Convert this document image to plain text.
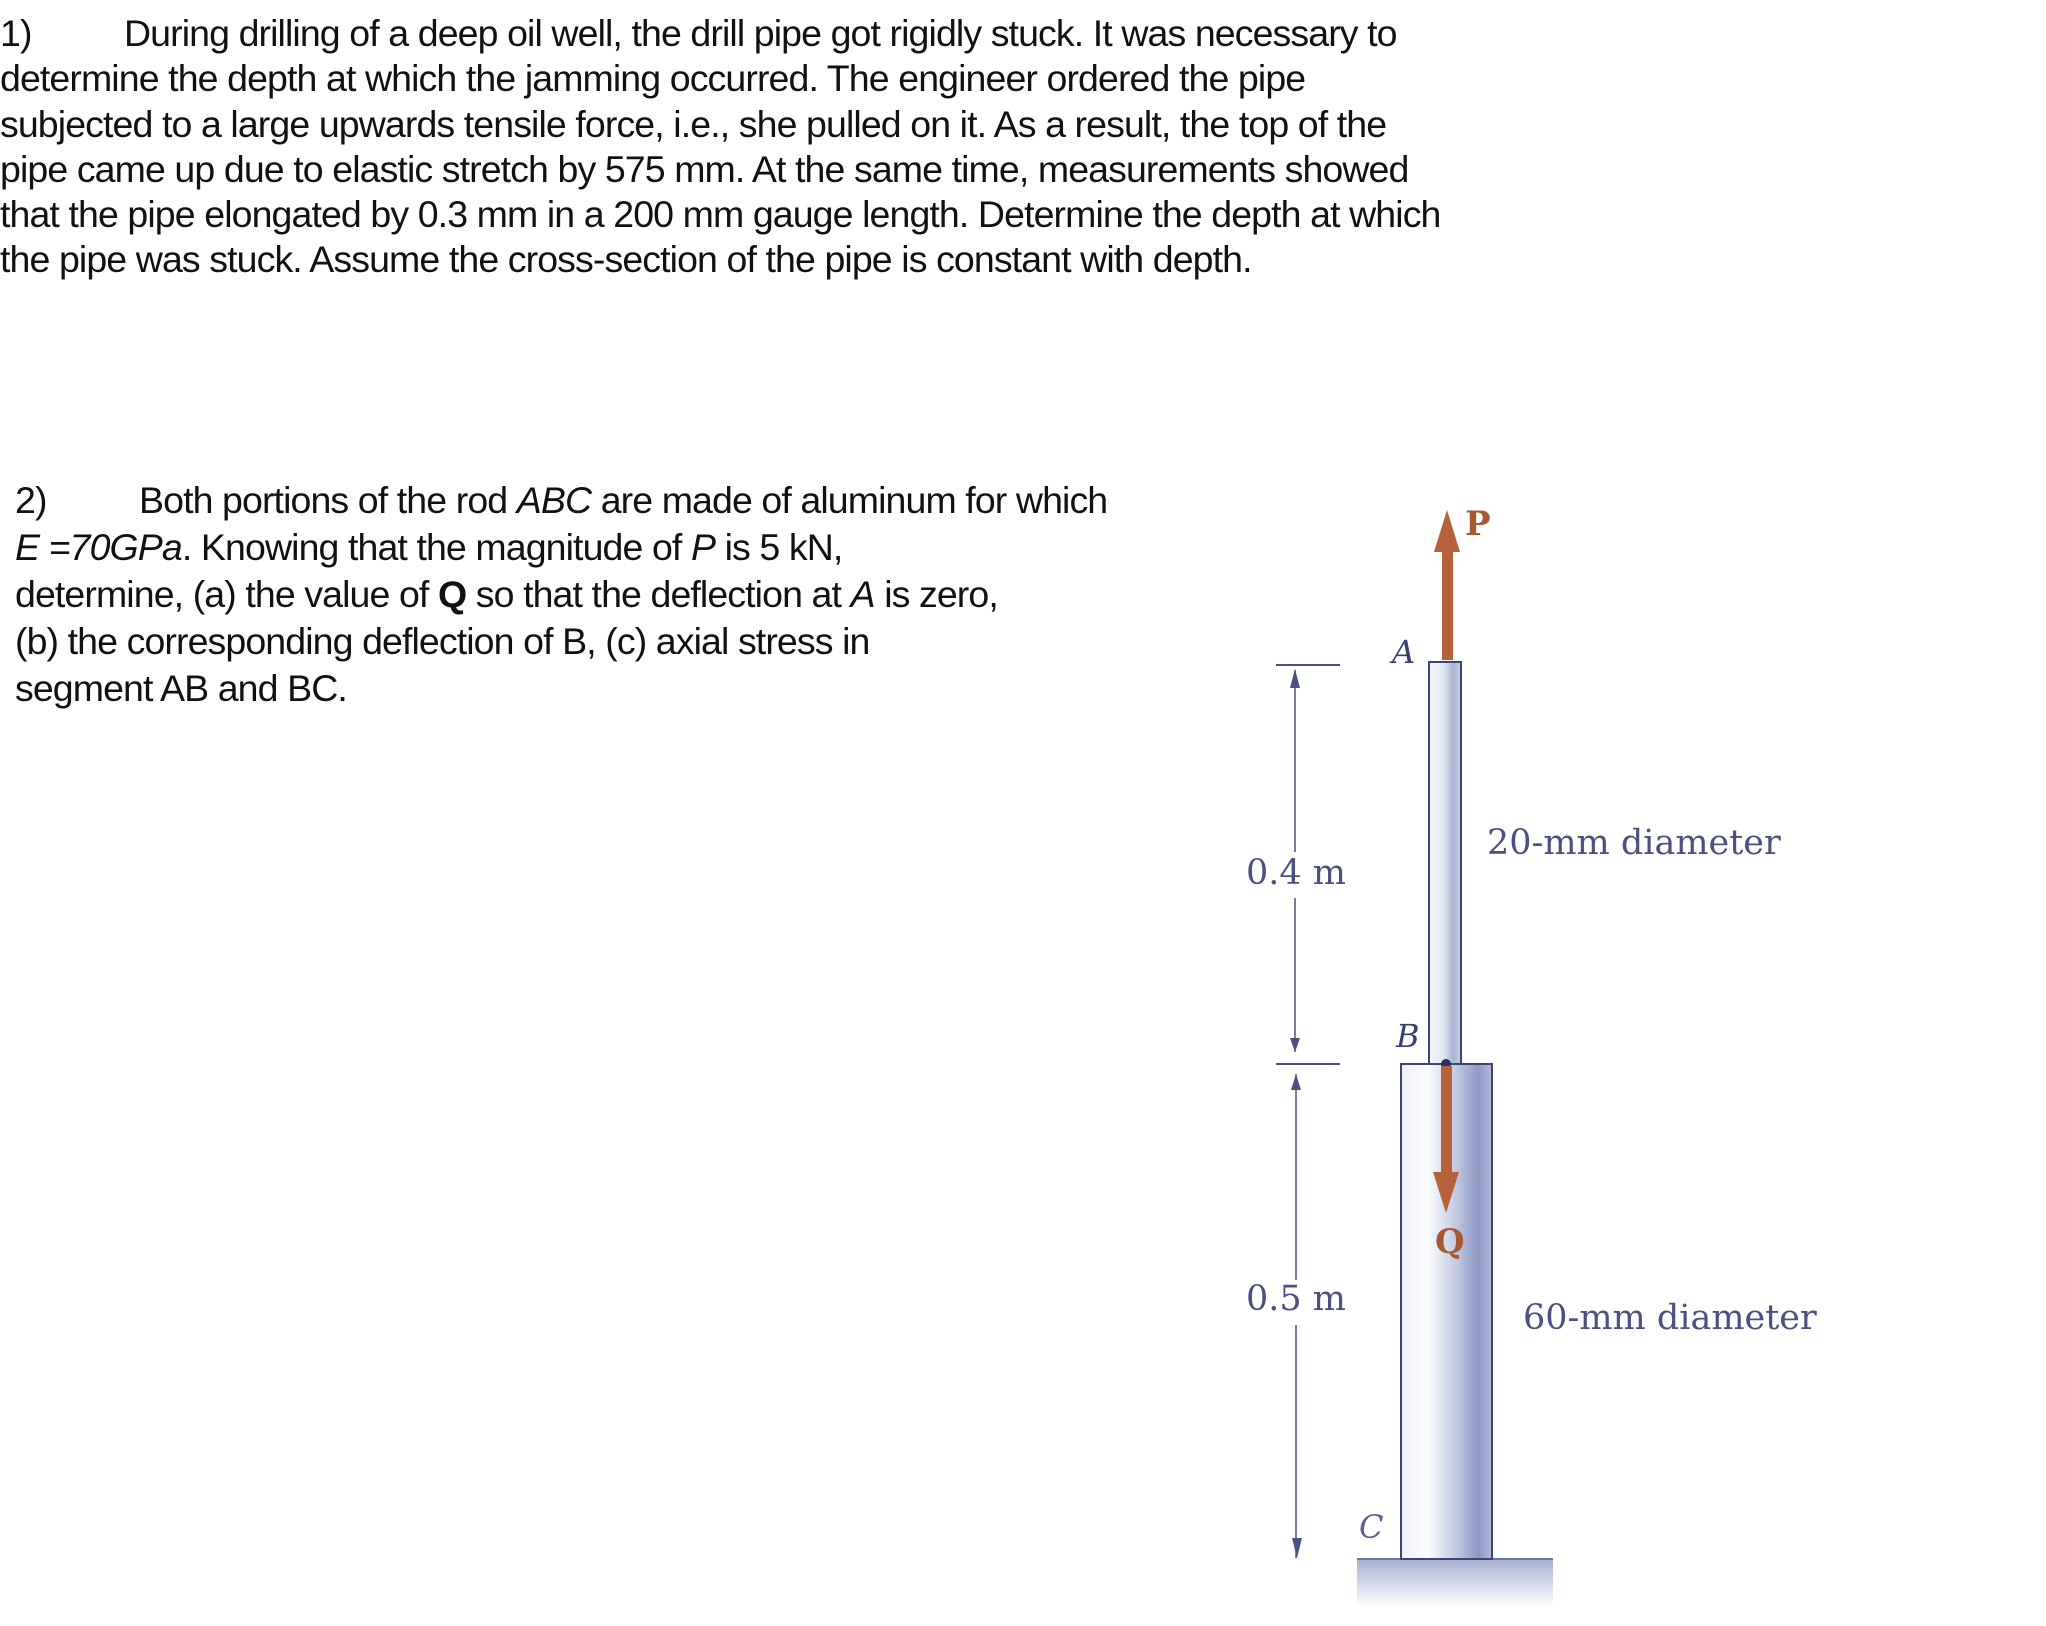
1) During drilling of a deep oil well, the drill pipe got rigidly stuck. It was necessary to
determine the depth at which the jamming occurred. The engineer ordered the pipe
subjected to a large upwards tensile force, i.e., she pulled on it. As a result, the top of the
pipe came up due to elastic stretch by 575 mm. At the same time, measurements showed
that the pipe elongated by 0.3 mm in a 200 mm gauge length. Determine the depth at which
the pipe was stuck. Assume the cross-section of the pipe is constant with depth.
2) Both portions of the rod ABC are made of aluminum for which
E =70GPa. Knowing that the magnitude of P is 5 kN,
determine, (a) the value of Q so that the deflection at A is zero,
(b) the corresponding deflection of B, (c) axial stress in
segment AB and BC.
P
A
B
C
Q
0.4 m
0.5 m
20-mm diameter
60-mm diameter
